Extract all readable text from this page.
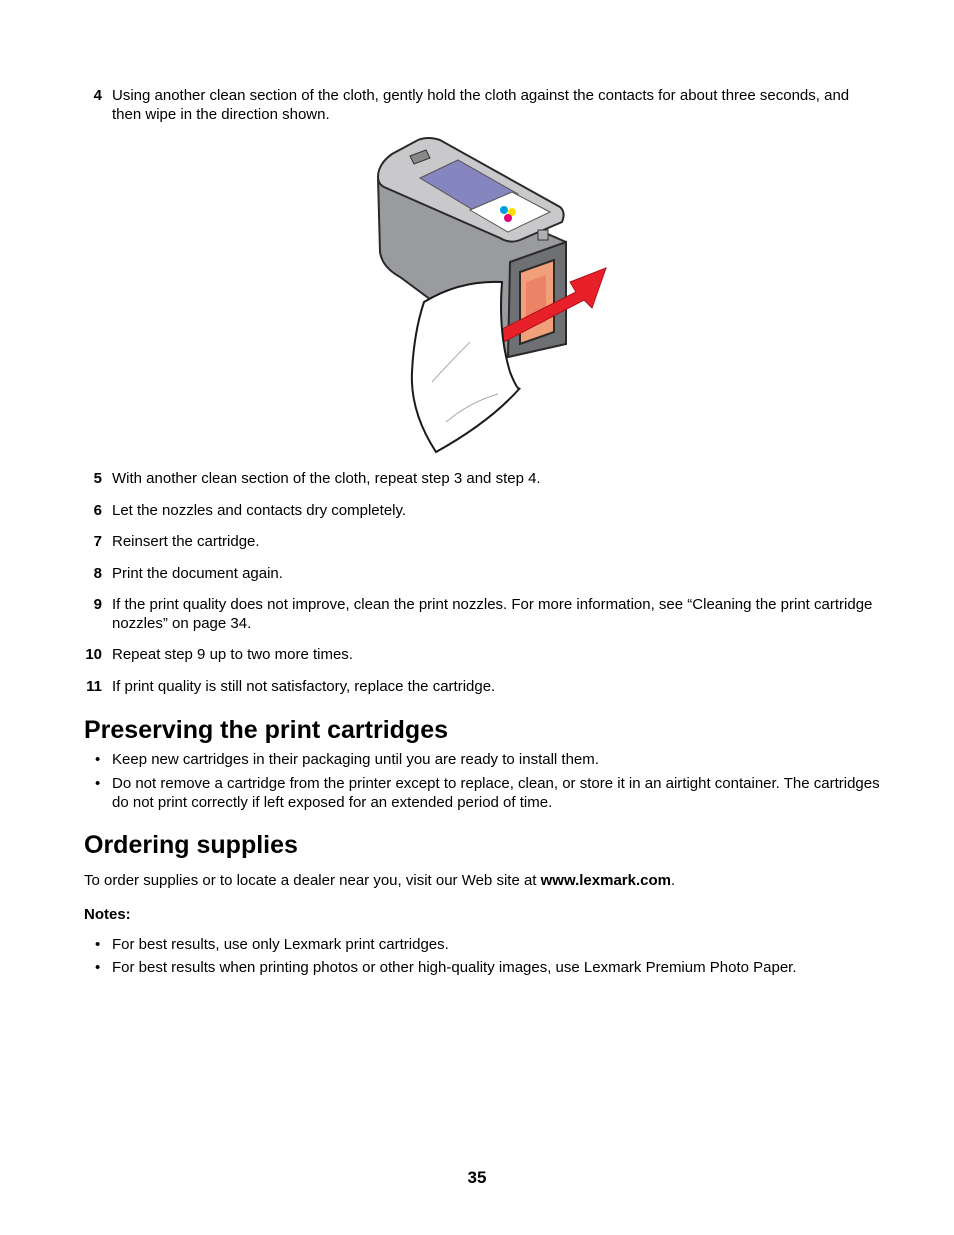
4 Using another clean section of the cloth, gently hold the cloth against the contacts for about three seconds, and then wipe in the direction shown.
5 With another clean section of the cloth, repeat step 3 and step 4.
6 Let the nozzles and contacts dry completely.
7 Reinsert the cartridge.
8 Print the document again.
9 If the print quality does not improve, clean the print nozzles. For more information, see “Cleaning the print cartridge nozzles” on page 34.
10 Repeat step 9 up to two more times.
11 If print quality is still not satisfactory, replace the cartridge.
Preserving the print cartridges
• Keep new cartridges in their packaging until you are ready to install them.
• Do not remove a cartridge from the printer except to replace, clean, or store it in an airtight container. The cartridges do not print correctly if left exposed for an extended period of time.
Ordering supplies
To order supplies or to locate a dealer near you, visit our Web site at www.lexmark.com.
Notes:
• For best results, use only Lexmark print cartridges.
• For best results when printing photos or other high-quality images, use Lexmark Premium Photo Paper.
35
